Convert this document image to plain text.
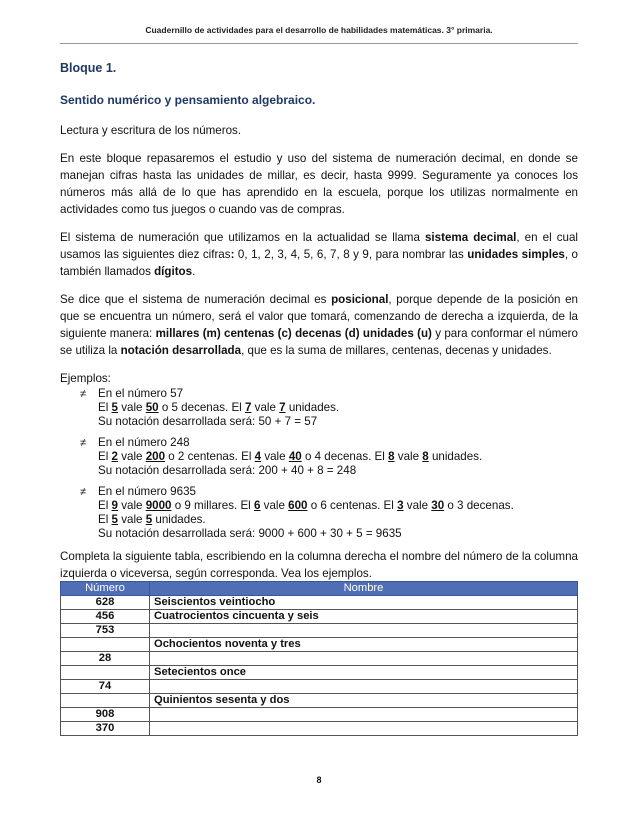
Cuadernillo de actividades para el desarrollo de habilidades matemáticas. 3° primaria.
Bloque 1.
Sentido numérico y pensamiento algebraico.

Lectura y escritura de los números.

En este bloque repasaremos el estudio y uso del sistema de numeración decimal, en donde se manejan cifras hasta las unidades de millar, es decir, hasta 9999. Seguramente ya conoces los números más allá de lo que has aprendido en la escuela, porque los utilizas normalmente en actividades como tus juegos o cuando vas de compras.

El sistema de numeración que utilizamos en la actualidad se llama sistema decimal, en el cual usamos las siguientes diez cifras: 0, 1, 2, 3, 4, 5, 6, 7, 8 y 9, para nombrar las unidades simples, o también llamados dígitos.

Se dice que el sistema de numeración decimal es posicional, porque depende de la posición en que se encuentra un número, será el valor que tomará, comenzando de derecha a izquierda, de la siguiente manera: millares (m) centenas (c) decenas (d) unidades (u) y para conformar el número se utiliza la notación desarrollada, que es la suma de millares, centenas, decenas y unidades.

Ejemplos:
≠	En el número 57
El 5 vale 50 o 5 decenas. El 7 vale 7 unidades.
Su notación desarrollada será: 50 + 7 = 57
≠	En el número 248
El 2 vale 200 o 2 centenas. El 4 vale 40 o 4 decenas. El 8 vale 8 unidades.
Su notación desarrollada será: 200 + 40 + 8 = 248
≠	En el número 9635
El 9 vale 9000 o 9 millares. El 6 vale 600 o 6 centenas. El 3 vale 30 o 3 decenas.
El 5 vale 5 unidades.
Su notación desarrollada será: 9000 + 600 + 30 + 5 = 9635

Completa la siguiente tabla, escribiendo en la columna derecha el nombre del número de la columna izquierda o viceversa, según corresponda. Vea los ejemplos.

Número	Nombre
628	Seiscientos veintiocho
456	Cuatrocientos cincuenta y seis
753	
	Ochocientos noventa y tres
28	
	Setecientos once
74	
	Quinientos sesenta y dos
908	
370	
8
